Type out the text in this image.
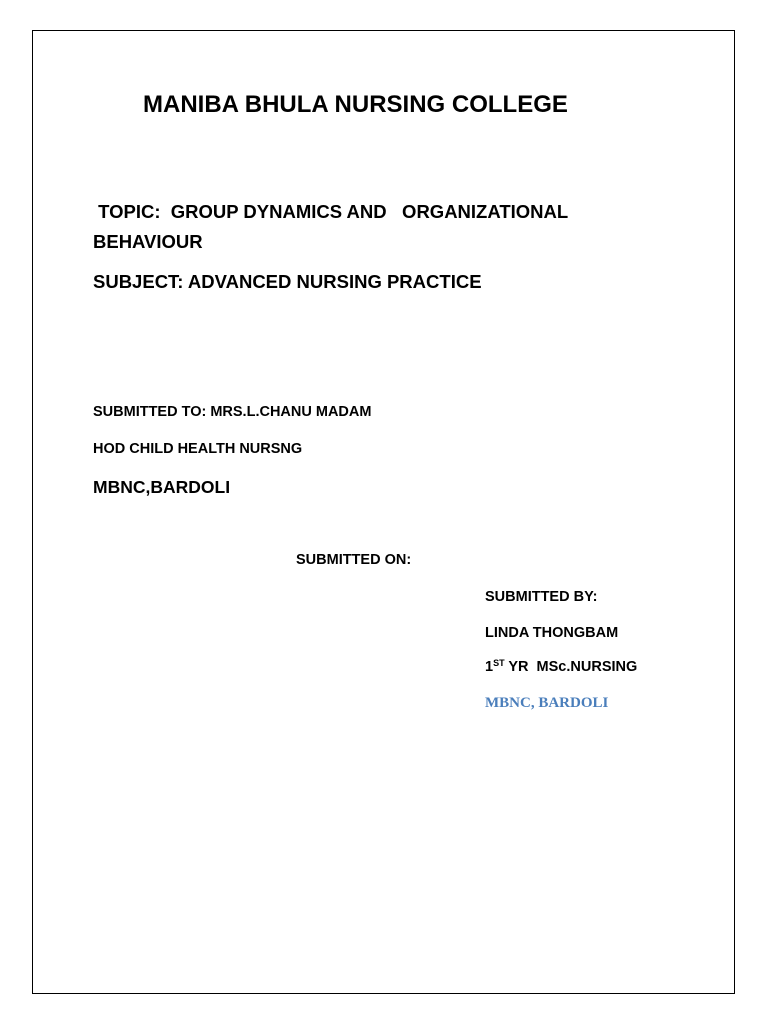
MANIBA BHULA NURSING COLLEGE
TOPIC: GROUP DYNAMICS AND   ORGANIZATIONAL
BEHAVIOUR
SUBJECT: ADVANCED NURSING PRACTICE
SUBMITTED TO: MRS.L.CHANU MADAM
HOD CHILD HEALTH NURSNG
MBNC,BARDOLI
SUBMITTED ON:
SUBMITTED BY:
LINDA THONGBAM
1ST YR  MSc.NURSING
MBNC, BARDOLI
